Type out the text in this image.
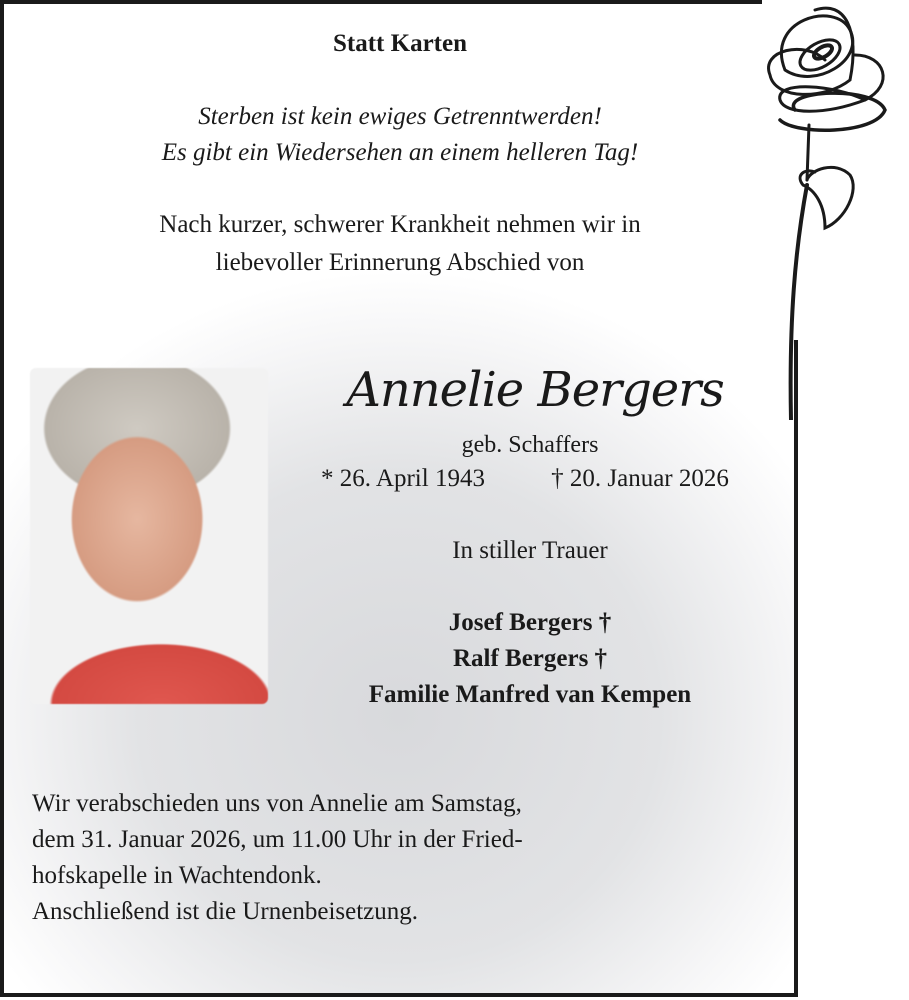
Statt Karten
Sterben ist kein ewiges Getrenntwerden!
Es gibt ein Wiedersehen an einem helleren Tag!
Nach kurzer, schwerer Krankheit nehmen wir in
liebevoller Erinnerung Abschied von
Annelie Bergers
geb. Schaffers
* 26. April 1943	† 20. Januar 2026
In stiller Trauer
Josef Bergers †
Ralf Bergers †
Familie Manfred van Kempen
Wir verabschieden uns von Annelie am Samstag,
dem 31. Januar 2026, um 11.00 Uhr in der Fried-
hofskapelle in Wachtendonk.
Anschließend ist die Urnenbeisetzung.
